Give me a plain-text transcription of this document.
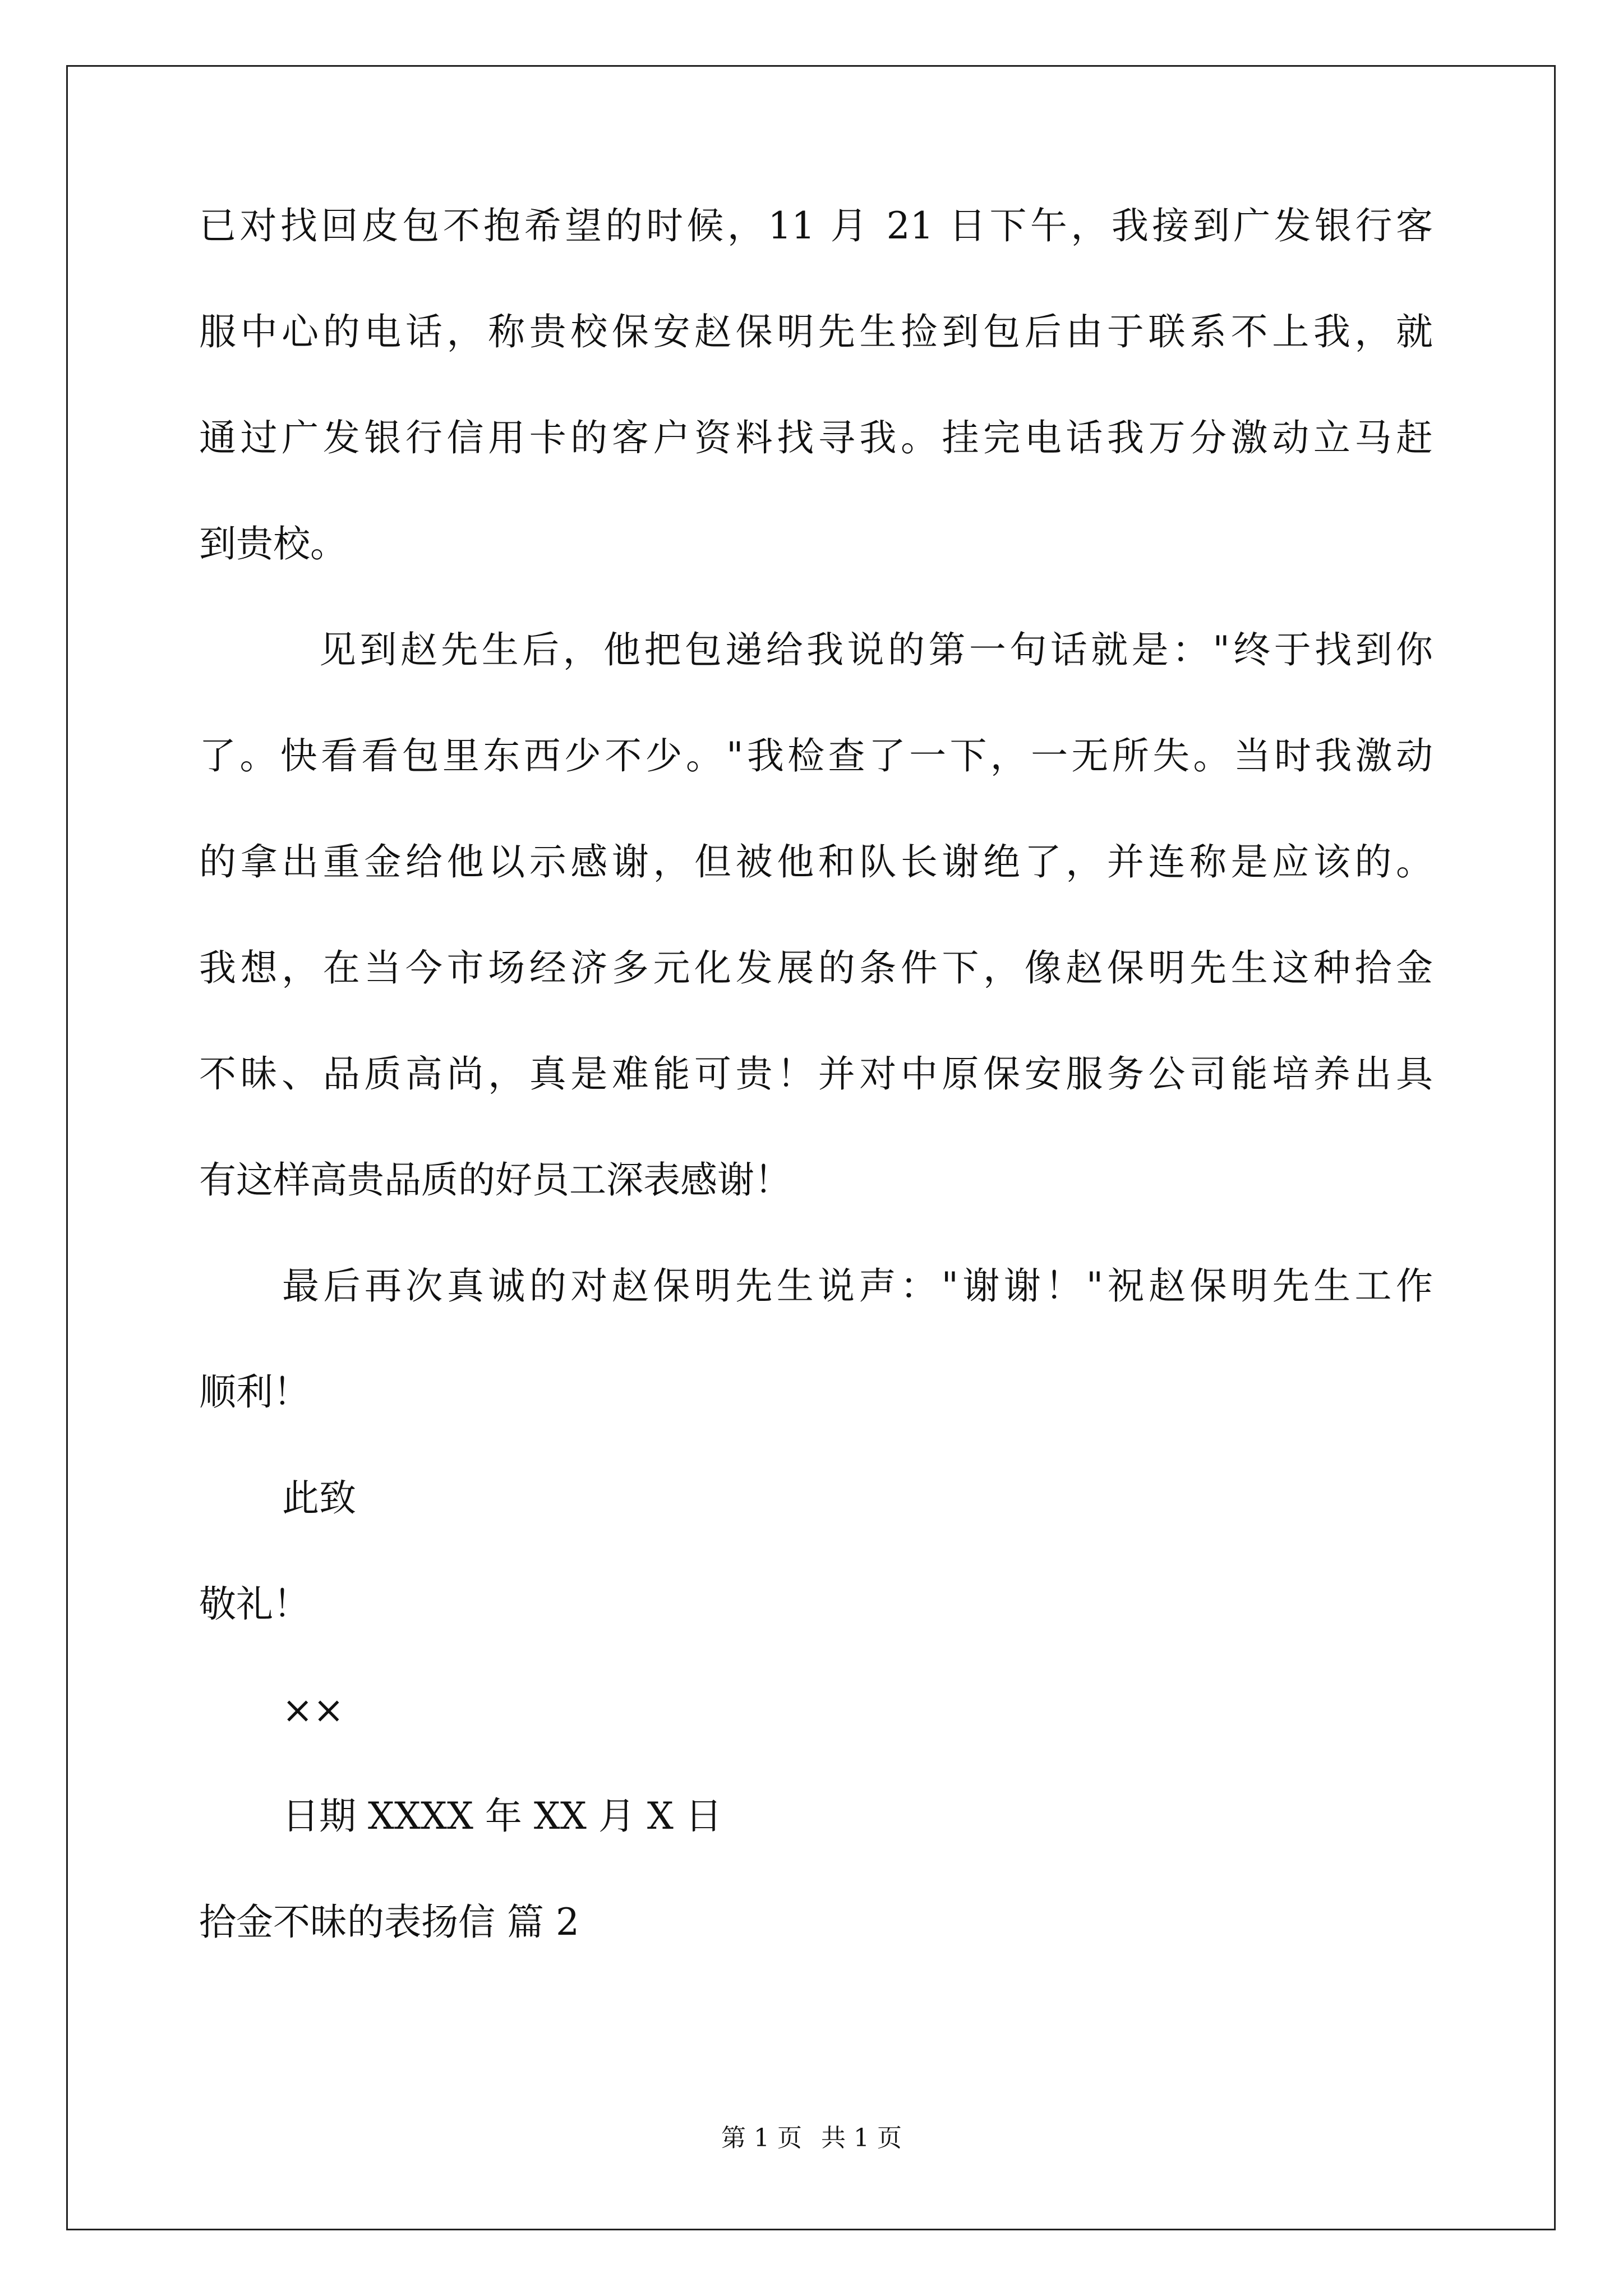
已对找回皮包不抱希望的时候，11 月 21 日下午，我接到广发银行客
服中心的电话，称贵校保安赵保明先生捡到包后由于联系不上我，就
通过广发银行信用卡的客户资料找寻我。挂完电话我万分激动立马赶
到贵校。
见到赵先生后，他把包递给我说的第一句话就是："终于找到你
了。快看看包里东西少不少。"我检查了一下，一无所失。当时我激动
的拿出重金给他以示感谢，但被他和队长谢绝了，并连称是应该的。
我想，在当今市场经济多元化发展的条件下，像赵保明先生这种拾金
不昧、品质高尚，真是难能可贵！并对中原保安服务公司能培养出具
有这样高贵品质的好员工深表感谢！
最后再次真诚的对赵保明先生说声："谢谢！"祝赵保明先生工作
顺利！
此致
敬礼！
××
日期 XXXX 年 XX 月 X 日
拾金不昧的表扬信 篇 2
第 1 页 共 1 页
